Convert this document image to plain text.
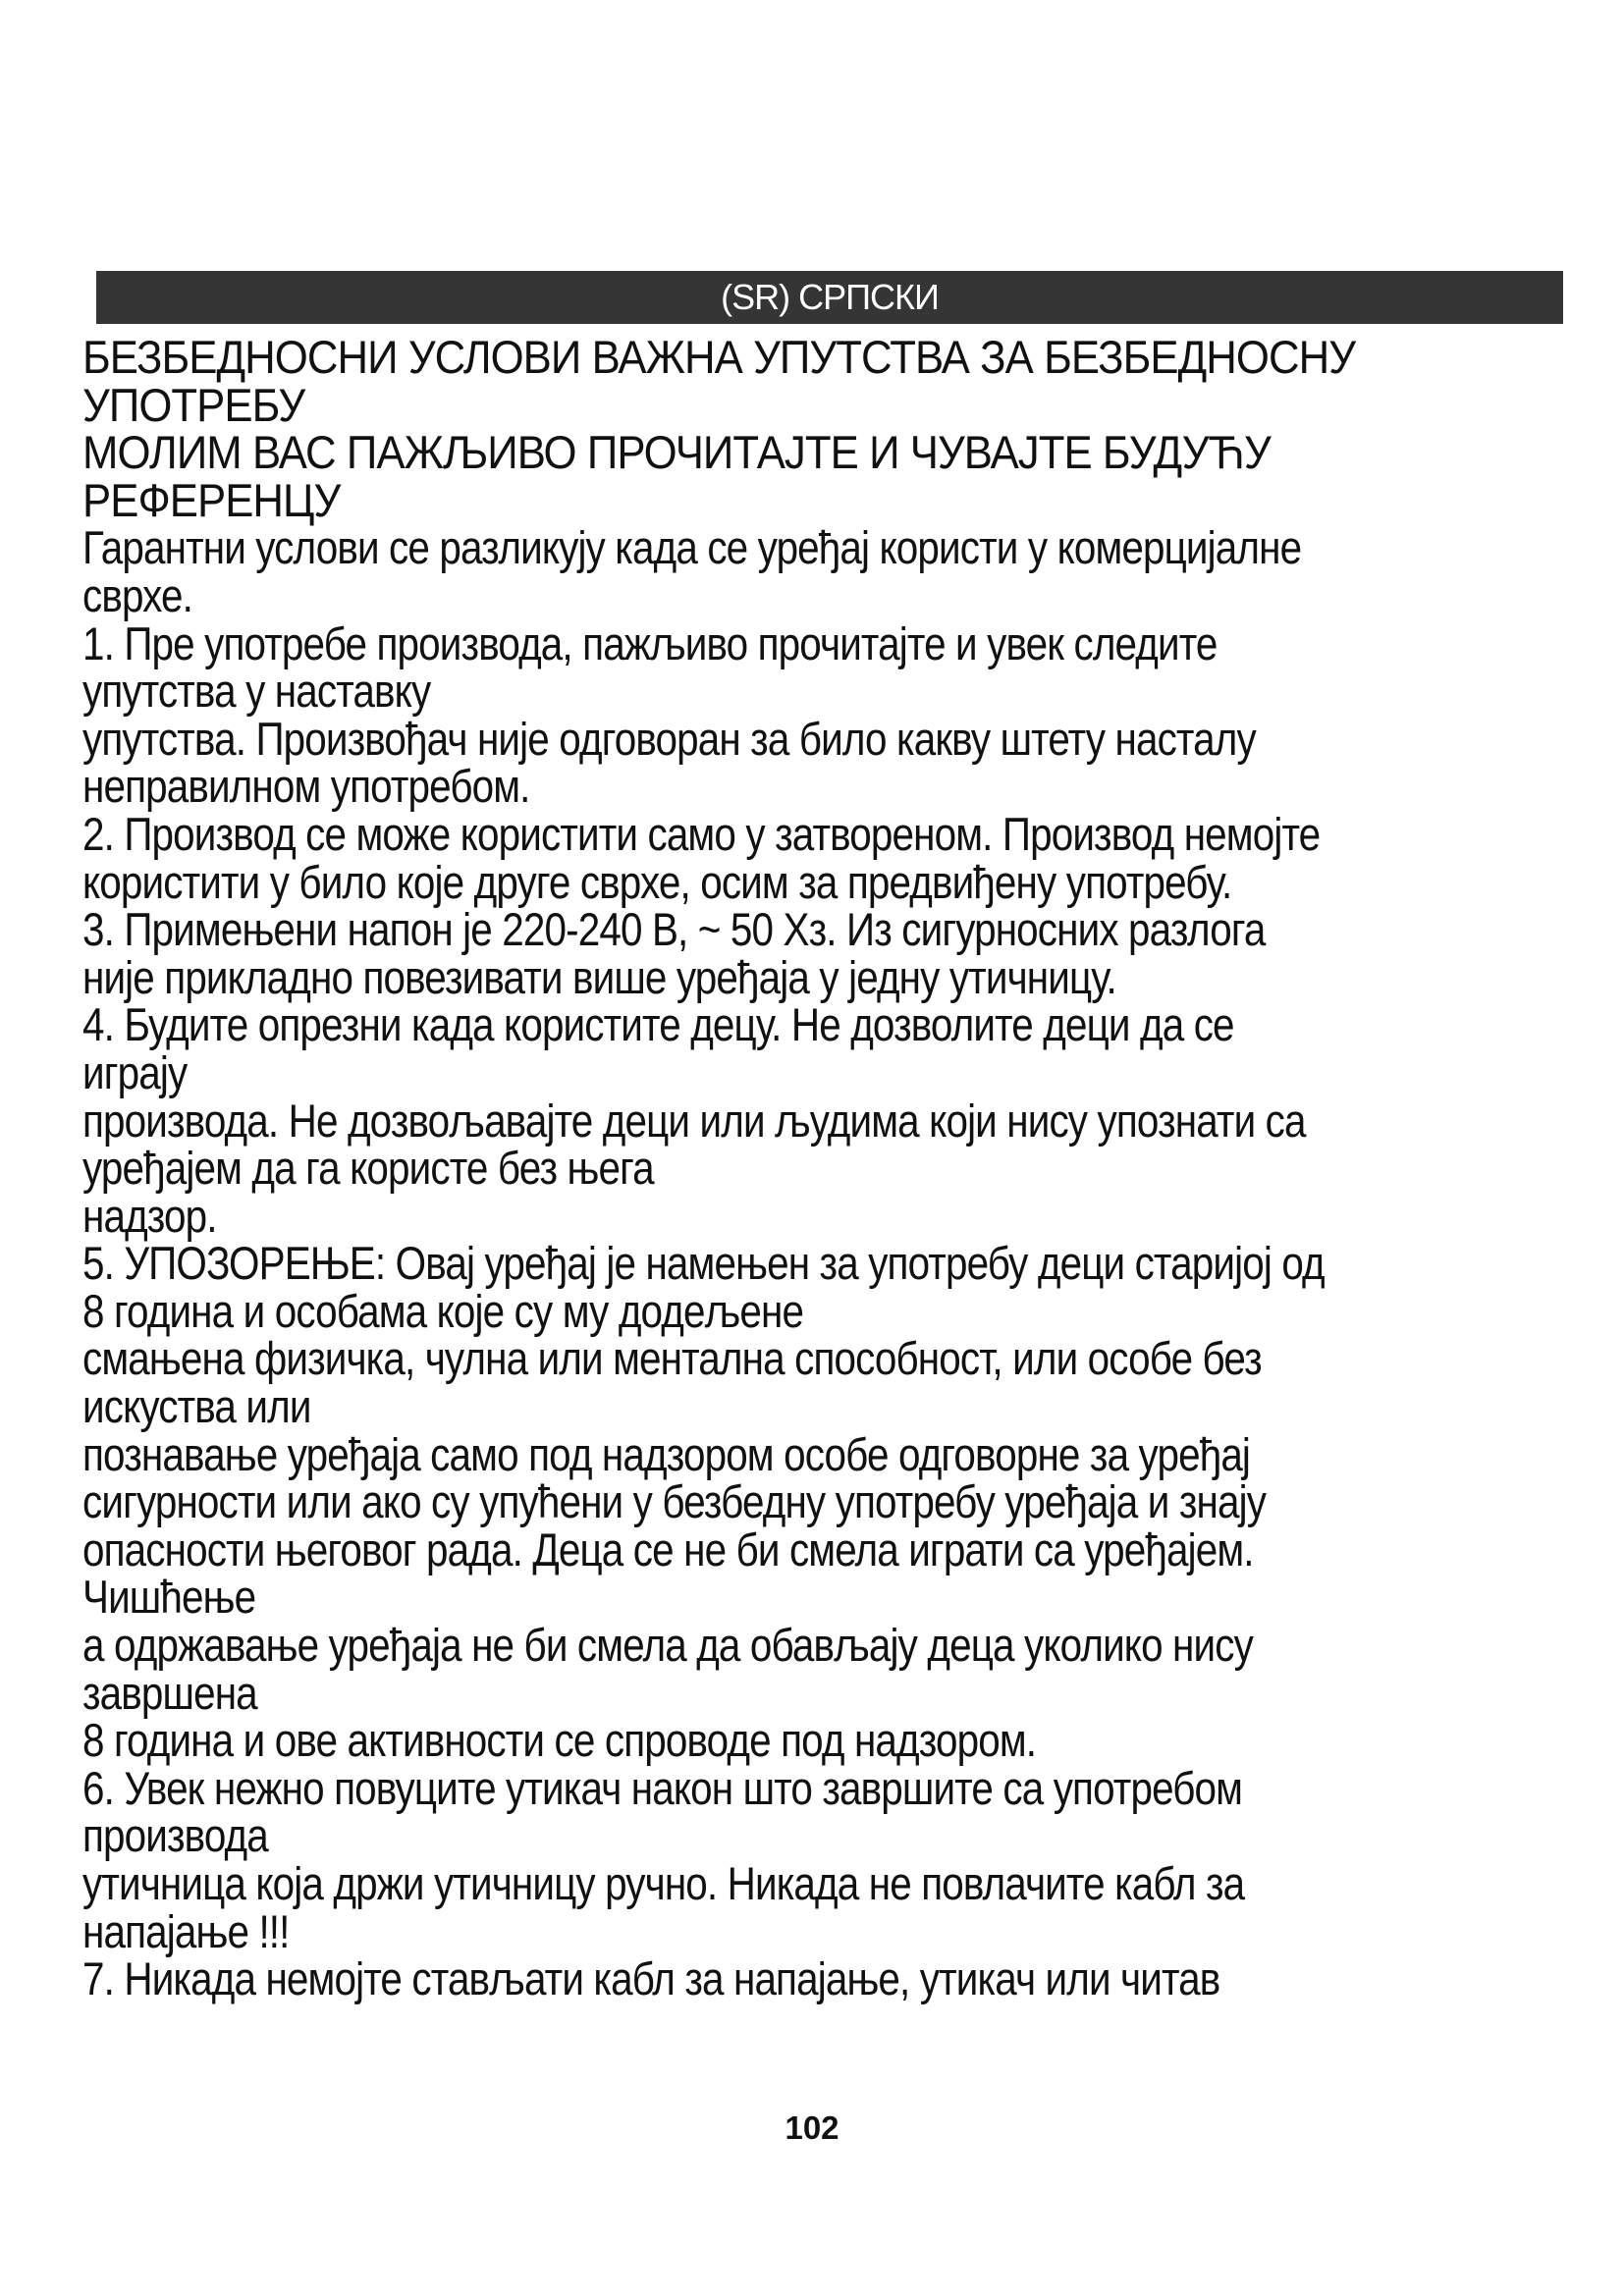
(SR) СРПСКИ
БЕЗБЕДНОСНИ УСЛОВИ ВАЖНА УПУТСТВА ЗА БЕЗБЕДНОСНУ
УПОТРЕБУ
МОЛИМ ВАС ПАЖЉИВО ПРОЧИТАЈТЕ И ЧУВАЈТЕ БУДУЋУ
РЕФЕРЕНЦУ
Гарантни услови се разликују када се уређај користи у комерцијалне
сврхе.
1. Пре употребе производа, пажљиво прочитајте и увек следите
упутства у наставку
упутства. Произвођач није одговоран за било какву штету насталу
неправилном употребом.
2. Производ се може користити само у затвореном. Производ немојте
користити у било које друге сврхе, осим за предвиђену употребу.
3. Примењени напон је 220-240 В, ~ 50 Хз. Из сигурносних разлога
није прикладно повезивати више уређаја у једну утичницу.
4. Будите опрезни када користите децу. Не дозволите деци да се
играју
производа. Не дозвољавајте деци или људима који нису упознати са
уређајем да га користе без њега
надзор.
5. УПОЗОРЕЊЕ: Овај уређај је намењен за употребу деци старијој од
8 година и особама које су му додељене
смањена физичка, чулна или ментална способност, или особе без
искуства или
познавање уређаја само под надзором особе одговорне за уређај
сигурности или ако су упућени у безбедну употребу уређаја и знају
опасности његовог рада. Деца се не би смела играти са уређајем.
Чишћење
а одржавање уређаја не би смела да обављају деца уколико нису
завршена
8 година и ове активности се спроводе под надзором.
6. Увек нежно повуците утикач након што завршите са употребом
производа
утичница која држи утичницу ручно. Никада не повлачите кабл за
напајање !!!
7. Никада немојте стављати кабл за напајање, утикач или читав
102
